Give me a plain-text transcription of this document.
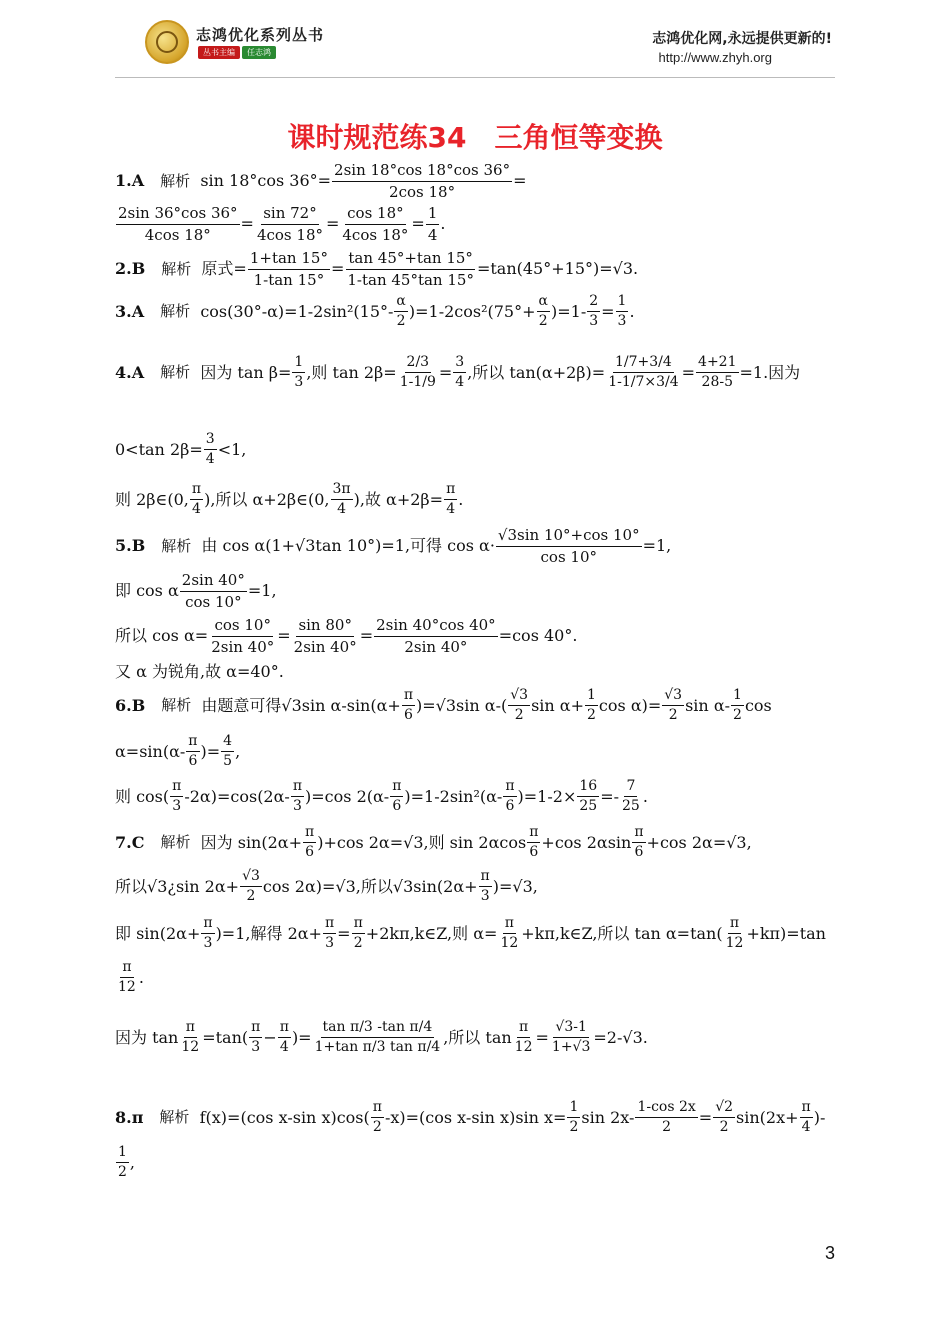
志鸿优化系列丛书
丛书主编	任志鸿
志鸿优化网,永远提供更新的!
http://www.zhyh.org
课时规范练34　三角恒等变换
1.A　 解析 sin 18°cos $36^\circ= \frac{2\sin 18^\circ\cos 18^\circ\cos 36^\circ}{2\cos 18^\circ}$ =
$\frac{2\sin 36^\circ\cos 36^\circ}{4\cos 18^\circ} = \frac{\sin 72^\circ}{4\cos 18^\circ} = \frac{\cos 18^\circ}{4\cos 18^\circ} = \frac{1}{4}$ .
2.B　 解析 原式= $\frac{1+\tan 15^\circ}{1-\tan 15^\circ} = \frac{\tan 45^\circ+\tan 15^\circ}{1-\tan 45^\circ\tan 15^\circ} =\tan(45^\circ+15^\circ)=√3$.
3.A　 解析 $\cos(30^\circ-\alpha)=1-2\sin^2(15^\circ- \frac{\alpha}{2} )=1-2\cos^2(75^\circ+ \frac{\alpha}{2} )=1- \frac{2}{3} = \frac{1}{3}$ .
4.A　 解析 因为 $\tan \beta= \frac{1}{3}$ ,则 $\tan 2\beta= \frac{2/3}{1-1/9} = \frac{3}{4}$ ,所以 $\tan(\alpha+2\beta)= \frac{1/7+3/4}{1-1/7\times 3/4} = \frac{4+21}{28-5} =1$.因为
0<tan $2\beta= \frac{3}{4} <1$,
则 2β∈(0, $\frac{\pi}{4}$ ),所以 α+2β∈(0, $\frac{3\pi}{4}$ ),故 $\alpha+2\beta= \frac{\pi}{4}$ .
5.B　 解析 由 cos α(1+√3tan 10°)=1,可得 $\cos \alpha\cdot \frac{√3\sin 10^\circ+\cos 10^\circ}{\cos 10^\circ} =1$,
即 cos α $\frac{2\sin 40^\circ}{\cos 10^\circ} =1$,
所以 $\cos \alpha= \frac{\cos 10^\circ}{2\sin 40^\circ} = \frac{\sin 80^\circ}{2\sin 40^\circ} = \frac{2\sin 40^\circ\cos 40^\circ}{2\sin 40^\circ} =\cos$ 40°.
又 α 为锐角,故 α=40°.
6.B　 解析 由题意可得√3sin $\alpha-\sin(\alpha+ \frac{\pi}{6} )=√3\sin$ $\alpha-( \frac{√3}{2}$ $\sin \alpha+ \frac{1}{2}$ $\cos \alpha)= \frac{√3}{2}$ $\sin \alpha- \frac{1}{2}$ cos
$\alpha=\sin(\alpha- \frac{\pi}{6}$ )= $\frac{4}{5}$ ,
则 $\cos( \frac{\pi}{3} -2\alpha)=\cos(2\alpha- \frac{\pi}{3} )=\cos$ $2(\alpha- \frac{\pi}{6} )=1-2\sin^2(\alpha- \frac{\pi}{6} )=1-2\times \frac{16}{25} =- \frac{7}{25}$ .
7.C　 解析 因为 $\sin(2\alpha+ \frac{\pi}{6} )+\cos$ 2α=√3,则 $\sin 2\alpha\cos \frac{\pi}{6} +\cos$ $2\alpha\sin \frac{\pi}{6} +\cos$ 2α=√3,
所以√3¿sin $2\alpha+ \frac{√3}{2}$ cos 2α)=√3,所以$√3\sin(2\alpha+ \frac{\pi}{3} )=√3$,
即 $\sin(2\alpha+ \frac{\pi}{3} )=1$,解得 $2\alpha+ \frac{\pi}{3} = \frac{\pi}{2}$ +2kπ,k∈Z,则 $\alpha= \frac{\pi}{12}$ +kπ,k∈Z,所以 $\tan \alpha=\tan( \frac{\pi}{12} +k\pi)=\tan$
$\frac{\pi}{12}$ .
因为 $\tan \frac{\pi}{12} =\tan( \frac{\pi}{3} - \frac{\pi}{4}$ )= $\frac{\text{tan π/3 -tan π/4}}{\text{1+tan π/3 tan π/4}}$ ,所以 $\tan \frac{\pi}{12} = \frac{√3-1}{1+√3} =2-√3$.
8.π　 解析 f(x)=(cos x-sin $x)\cos( \frac{\pi}{2} -x)=(\cos$ x-sin x)sin $x= \frac{1}{2}$ $\sin 2x- \frac{1-\cos 2x}{2} = \frac{√2}{2} \sin(2x+ \frac{\pi}{4}$ )-
$\frac{1}{2}$ ,
3
